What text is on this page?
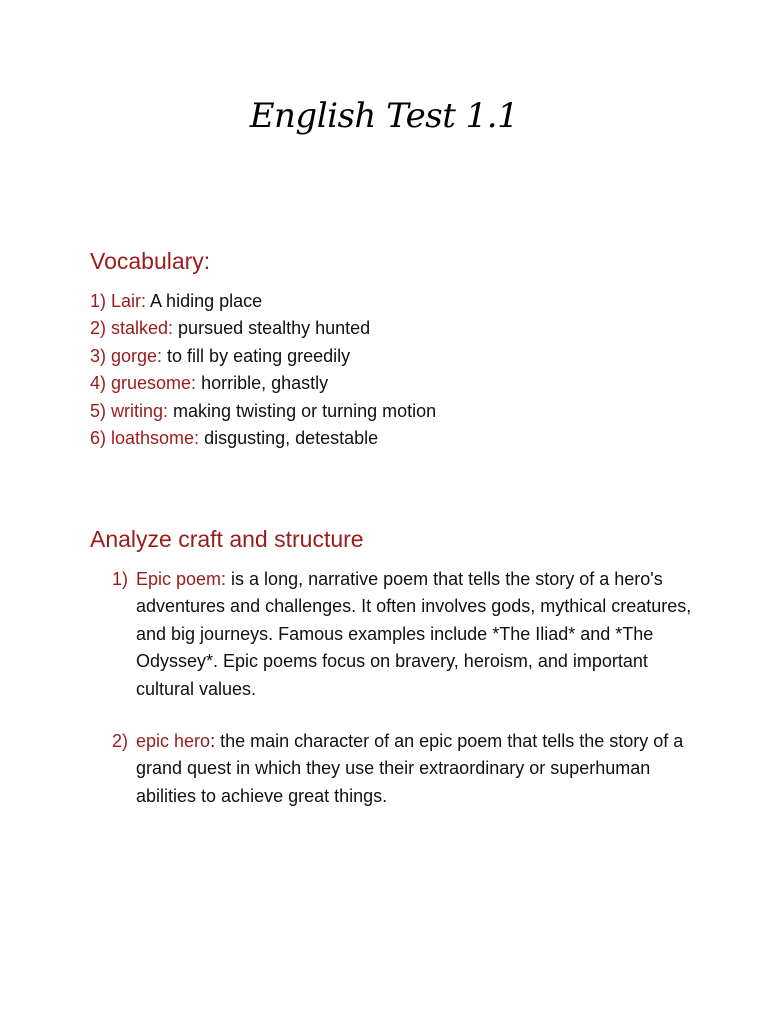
English Test 1.1
Vocabulary:
1) Lair: A hiding place
2) stalked: pursued stealthy hunted
3) gorge: to fill by eating greedily
4) gruesome: horrible, ghastly
5) writing: making twisting or turning motion
6) loathsome: disgusting, detestable
Analyze craft and structure
1) Epic poem: is a long, narrative poem that tells the story of a hero's adventures and challenges. It often involves gods, mythical creatures, and big journeys. Famous examples include *The Iliad* and *The Odyssey*. Epic poems focus on bravery, heroism, and important cultural values.
2) epic hero: the main character of an epic poem that tells the story of a grand quest in which they use their extraordinary or superhuman abilities to achieve great things.
